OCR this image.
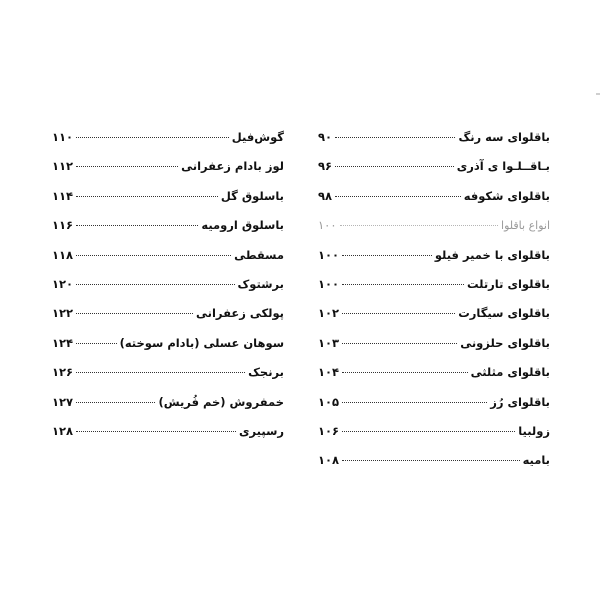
باقلوای سه رنگ
۹۰
بـاقــلـوا ی آذری
۹۶
باقلوای شکوفه
۹۸
انواع باقلوا
۱۰۰
باقلوای با خمیر فیلو
۱۰۰
باقلوای تارتلت
۱۰۰
باقلوای سیگارت
۱۰۲
باقلوای حلزونی
۱۰۳
باقلوای مثلثی
۱۰۴
باقلوای رُز
۱۰۵
زولبیا
۱۰۶
بامیه
۱۰۸
گوش‌فیل
۱۱۰
لوز بادام زعفرانی
۱۱۲
باسلوق گل
۱۱۴
باسلوق ارومیه
۱۱۶
مسقطی
۱۱۸
برشتوک
۱۲۰
پولکی زعفرانی
۱۲۲
سوهان عسلی (بادام سوخته)
۱۲۴
برنجک
۱۲۶
خمفروش (خم فُریش)
۱۲۷
رسپیری
۱۲۸
